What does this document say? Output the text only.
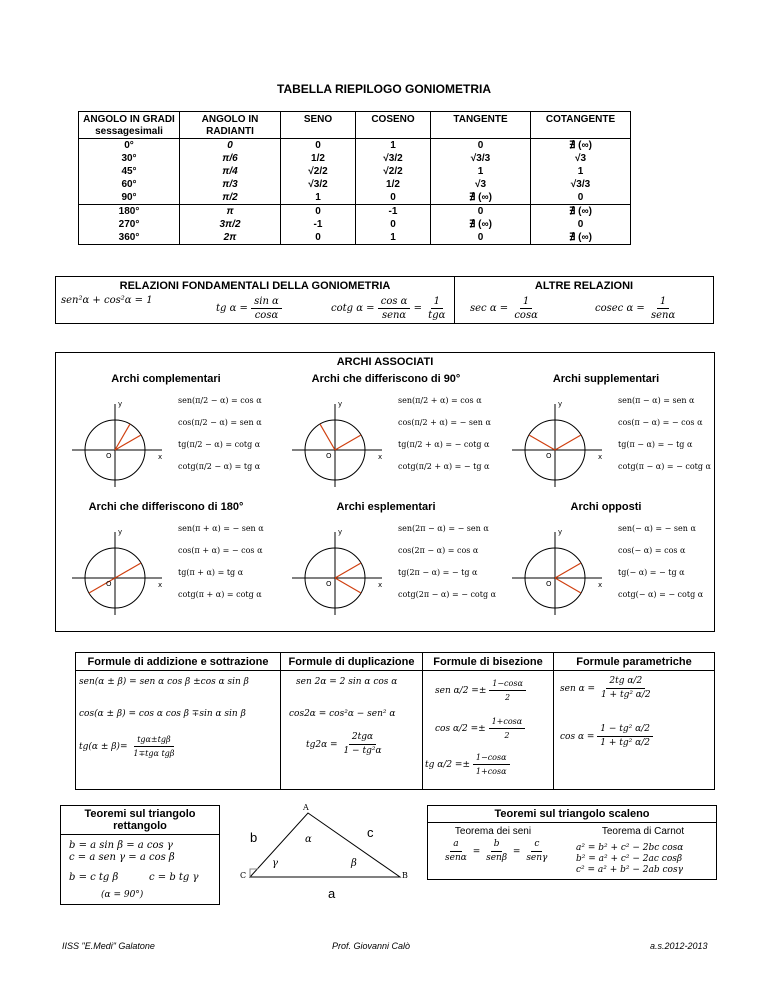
TABELLA RIEPILOGO GONIOMETRIA
ANGOLO IN GRADI sessagesimali	ANGOLO IN RADIANTI	SENO	COSENO	TANGENTE	COTANGENTE
0°	0	0	1	0	∄ (∞)
30°	π/6	1/2	√3/2	√3/3	√3
45°	π/4	√2/2	√2/2	1	1
60°	π/3	√3/2	1/2	√3	√3/3
90°	π/2	1	0	∄ (∞)	0
180°	π	0	-1	0	∄ (∞)
270°	3π/2	-1	0	∄ (∞)	0
360°	2π	0	1	0	∄ (∞)
RELAZIONI FONDAMENTALI DELLA GONIOMETRIA
sen²α + cos²α = 1
tg $\alpha = \frac{\text{sin α}}{\cos\alpha}$	cotg $\alpha = \frac{\text{cos α}}{\text{senα}} = \frac{1}{\text{tgα}}$
ALTRE RELAZIONI
$\sec \alpha = \frac{1}{\cos\alpha}$	cosec $\alpha = \frac{1}{\text{senα}}$
ARCHI ASSOCIATI
Archi complementari	Archi che differiscono di 90°	Archi supplementari
Archi che differiscono di 180°	Archi esplementari	Archi opposti
y
x
O
sen(π/2 − α) = cos α
cos(π/2 − α) = sen α
tg(π/2 − α) = cotg α
cotg(π/2 − α) = tg α
y
x
O
sen(π/2 + α) = cos α
cos(π/2 + α) = − sen α
tg(π/2 + α) = − cotg α
cotg(π/2 + α) = − tg α
y
x
O
sen(π − α) = sen α
cos(π − α) = − cos α
tg(π − α) = − tg α
cotg(π − α) = − cotg α
y
x
O
sen(π + α) = − sen α
cos(π + α) = − cos α
tg(π + α) = tg α
cotg(π + α) = cotg α
y
x
O
sen(2π − α) = − sen α
cos(2π − α) = cos α
tg(2π − α) = − tg α
cotg(2π − α) = − cotg α
y
x
O
sen(− α) = − sen α
cos(− α) = cos α
tg(− α) = − tg α
cotg(− α) = − cotg α
Formule di addizione e sottrazione
sen(α ± β) = sen α cos β ±cos α sin β
cos(α ± β) = cos α cos β ∓sin α sin β
$tg(\alpha \pm \beta)= \frac{\text{tgα±tgβ}}{\text{1∓tgα tgβ}}$
Formule di duplicazione
sen 2α = 2 sin α cos α
cos2α = cos²α − sen² α
$tg2\alpha = \frac{\text{2tgα}}{\text{1 − tg²α}}$
Formule di bisezione
sen $\alpha/2 =\pm \frac{1-\cos\alpha}{2}$
$\cos \alpha/2 =\pm \frac{1+\cos\alpha}{2}$
tg $\alpha/2 =\pm \frac{1-\cos\alpha}{1+\cos\alpha}$
Formule parametriche
sen $\alpha = \frac{\text{2tg α/2}}{\text{1 + tg² α/2}}$
$\cos \alpha = \frac{\text{1 − tg² α/2}}{\text{1 + tg² α/2}}$
Teoremi sul triangolo rettangolo
b = a sin β = a cos γ
c = a sen γ = a cos β
b = c tg β	c = b tg γ
(α = 90°)
A
C	B
b	c
a
α
β
γ
Teoremi sul triangolo scaleno
Teorema dei seni
$\frac{a}{\text{senα}} = \frac{b}{\text{senβ}} = \frac{c}{\text{senγ}}$
Teorema di Carnot
a² = b² + c² − 2bc cosα
b² = a² + c² − 2ac cosβ
c² = a² + b² − 2ab cosγ
IISS "E.Medi" Galatone	Prof. Giovanni Calò	a.s.2012-2013
